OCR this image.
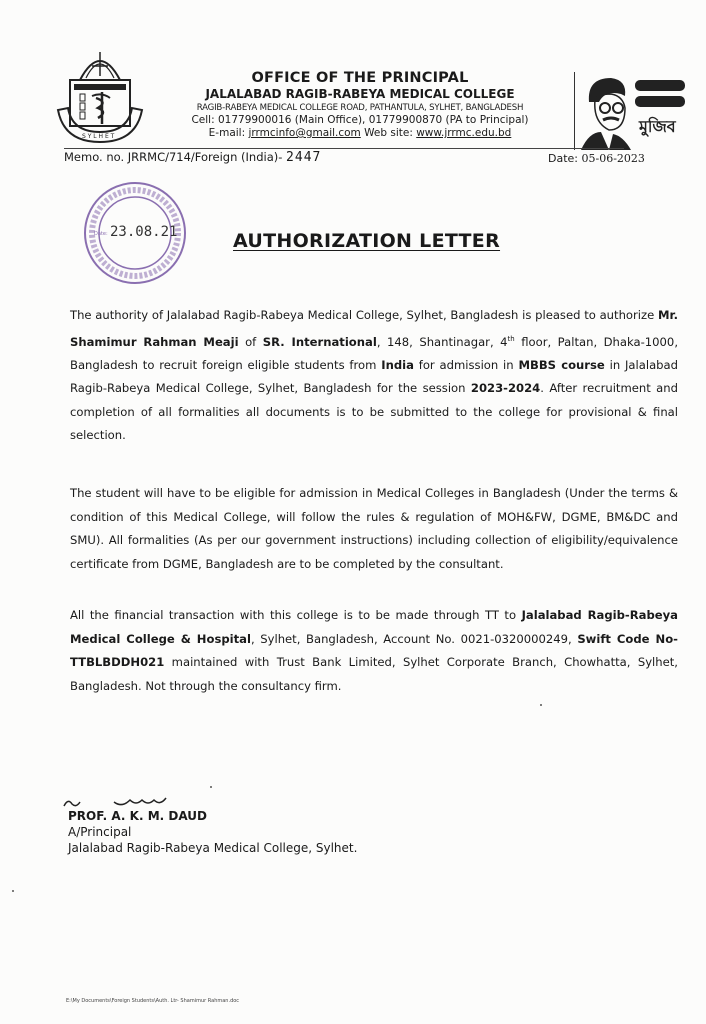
S Y L H E T
OFFICE OF THE PRINCIPAL
JALALABAD RAGIB-RABEYA MEDICAL COLLEGE
RAGIB-RABEYA MEDICAL COLLEGE ROAD, PATHANTULA, SYLHET, BANGLADESH
Cell: 01779900016 (Main Office), 01779900870 (PA to Principal)
E-mail: jrrmcinfo@gmail.com Web site: www.jrrmc.edu.bd	মুজিব
Memo. no. JRRMC/714/Foreign (India)- 2447	Date: 05-06-2023
Date: 23.08.21	AUTHORIZATION LETTER
The authority of Jalalabad Ragib-Rabeya Medical College, Sylhet, Bangladesh is pleased to authorize Mr. Shamimur Rahman Meaji of SR. International, 148, Shantinagar, 4th floor, Paltan, Dhaka-1000, Bangladesh to recruit foreign eligible students from India for admission in MBBS course in Jalalabad Ragib-Rabeya Medical College, Sylhet, Bangladesh for the session 2023-2024. After recruitment and completion of all formalities all documents is to be submitted to the college for provisional & final selection.
The student will have to be eligible for admission in Medical Colleges in Bangladesh (Under the terms & condition of this Medical College, will follow the rules & regulation of MOH&FW, DGME, BM&DC and SMU). All formalities (As per our government instructions) including collection of eligibility/equivalence certificate from DGME, Bangladesh are to be completed by the consultant.
All the financial transaction with this college is to be made through TT to Jalalabad Ragib-Rabeya Medical College & Hospital, Sylhet, Bangladesh, Account No. 0021-0320000249, Swift Code No- TTBLBDDH021 maintained with Trust Bank Limited, Sylhet Corporate Branch, Chowhatta, Sylhet, Bangladesh. Not through the consultancy firm.
PROF. A. K. M. DAUD
A/Principal
Jalalabad Ragib-Rabeya Medical College, Sylhet.
E:\My Documents\Foreign Students\Auth. Ltr- Shamimur Rahman.doc
